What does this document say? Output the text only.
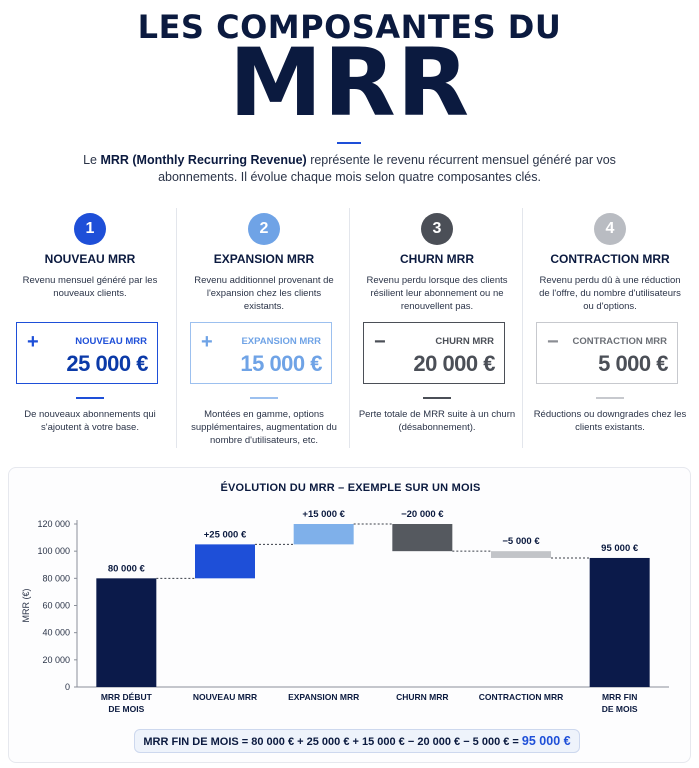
LES COMPOSANTES DU
MRR
Le MRR (Monthly Recurring Revenue) représente le revenu récurrent mensuel généré par vos abonnements. Il évolue chaque mois selon quatre composantes clés.
1
NOUVEAU MRR
Revenu mensuel généré par les nouveaux clients.
+	NOUVEAU MRR
25 000 €
De nouveaux abonnements qui s'ajoutent à votre base.
2
EXPANSION MRR
Revenu additionnel provenant de l'expansion chez les clients existants.
+	EXPANSION MRR
15 000 €
Montées en gamme, options supplémentaires, augmentation du nombre d'utilisateurs, etc.
3
CHURN MRR
Revenu perdu lorsque des clients résilient leur abonnement ou ne renouvellent pas.
−	CHURN MRR
20 000 €
Perte totale de MRR suite à un churn (désabonnement).
4
CONTRACTION MRR
Revenu perdu dû à une réduction de l'offre, du nombre d'utilisateurs ou d'options.
− CONTRACTION MRR
5 000 €
Réductions ou downgrades chez les clients existants.
ÉVOLUTION DU MRR – EXEMPLE SUR UN MOIS
0
20 000
40 000
60 000
80 000
100 000
120 000
MRR (€)
80 000 €
MRR DÉBUT
DE MOIS
+25 000 €
NOUVEAU MRR
+15 000 €
EXPANSION MRR
−20 000 €
CHURN MRR
−5 000 €
CONTRACTION MRR
95 000 €
MRR FIN
DE MOIS
MRR FIN DE MOIS = 80 000 € + 25 000 € + 15 000 € − 20 000 € − 5 000 € = 95 000 €
